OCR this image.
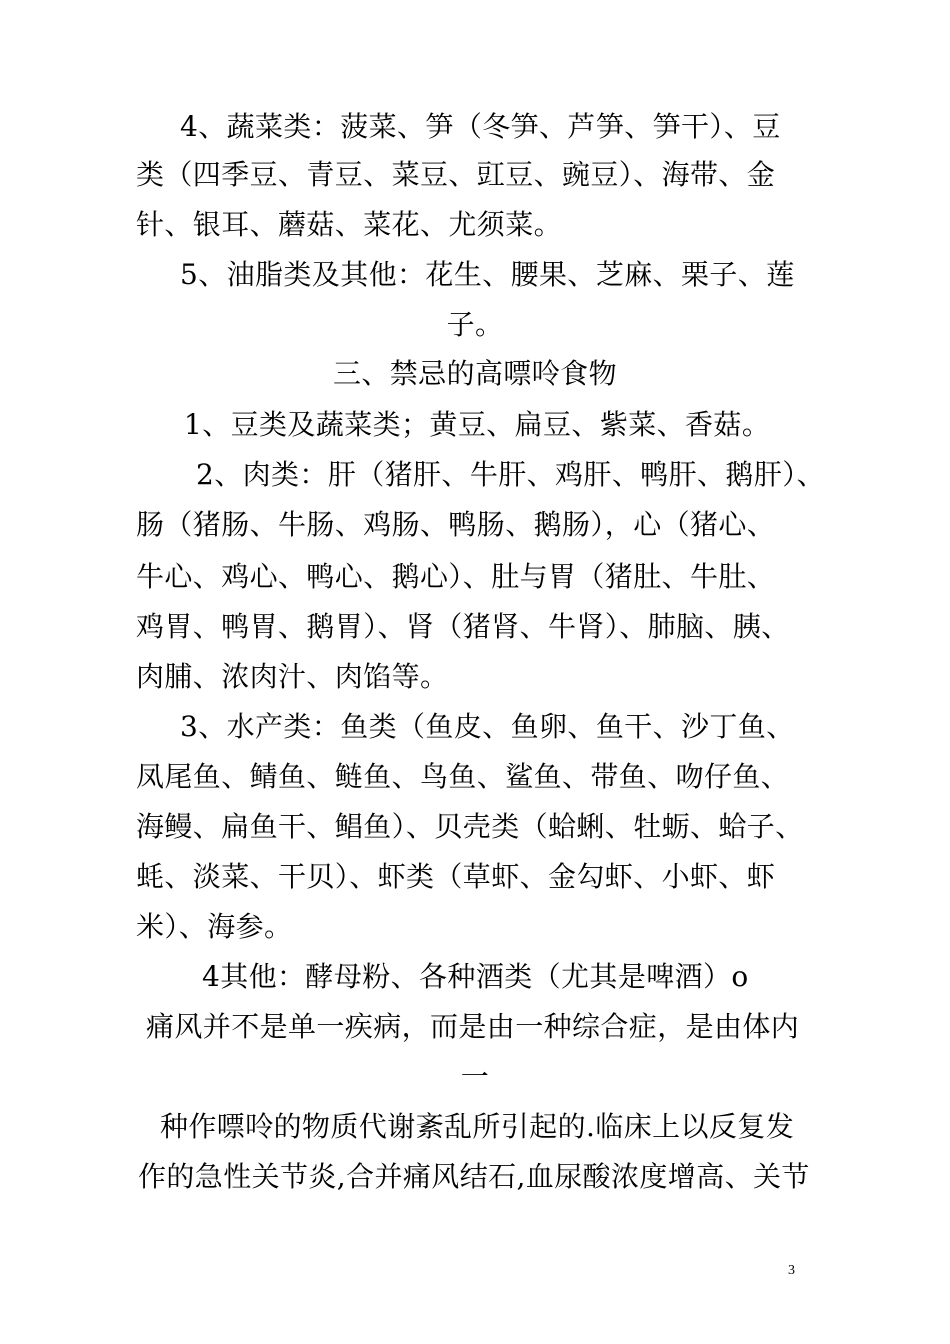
4、蔬菜类：菠菜、笋（冬笋、芦笋、笋干）、豆
类（四季豆、青豆、菜豆、豇豆、豌豆）、海带、金
针、银耳、蘑菇、菜花、尤须菜。
5、油脂类及其他：花生、腰果、芝麻、栗子、莲
子。
三、禁忌的高嘌呤食物
1、豆类及蔬菜类；黄豆、扁豆、紫菜、香菇。
2、肉类：肝（猪肝、牛肝、鸡肝、鸭肝、鹅肝）、
肠（猪肠、牛肠、鸡肠、鸭肠、鹅肠），心（猪心、
牛心、鸡心、鸭心、鹅心）、肚与胃（猪肚、牛肚、
鸡胃、鸭胃、鹅胃）、肾（猪肾、牛肾）、肺脑、胰、
肉脯、浓肉汁、肉馅等。
3、水产类：鱼类（鱼皮、鱼卵、鱼干、沙丁鱼、
凤尾鱼、鲭鱼、鲢鱼、鸟鱼、鲨鱼、带鱼、吻仔鱼、
海鳗、扁鱼干、鲳鱼）、贝壳类（蛤蜊、牡蛎、蛤子、
蚝、淡菜、干贝）、虾类（草虾、金勾虾、小虾、虾
米）、海参。
4其他：酵母粉、各种酒类（尤其是啤酒）o
痛风并不是单一疾病，而是由一种综合症，是由体内
一
种作嘌呤的物质代谢紊乱所引起的.临床上以反复发
作的急性关节炎,合并痛风结石,血尿酸浓度增高、关节
3
